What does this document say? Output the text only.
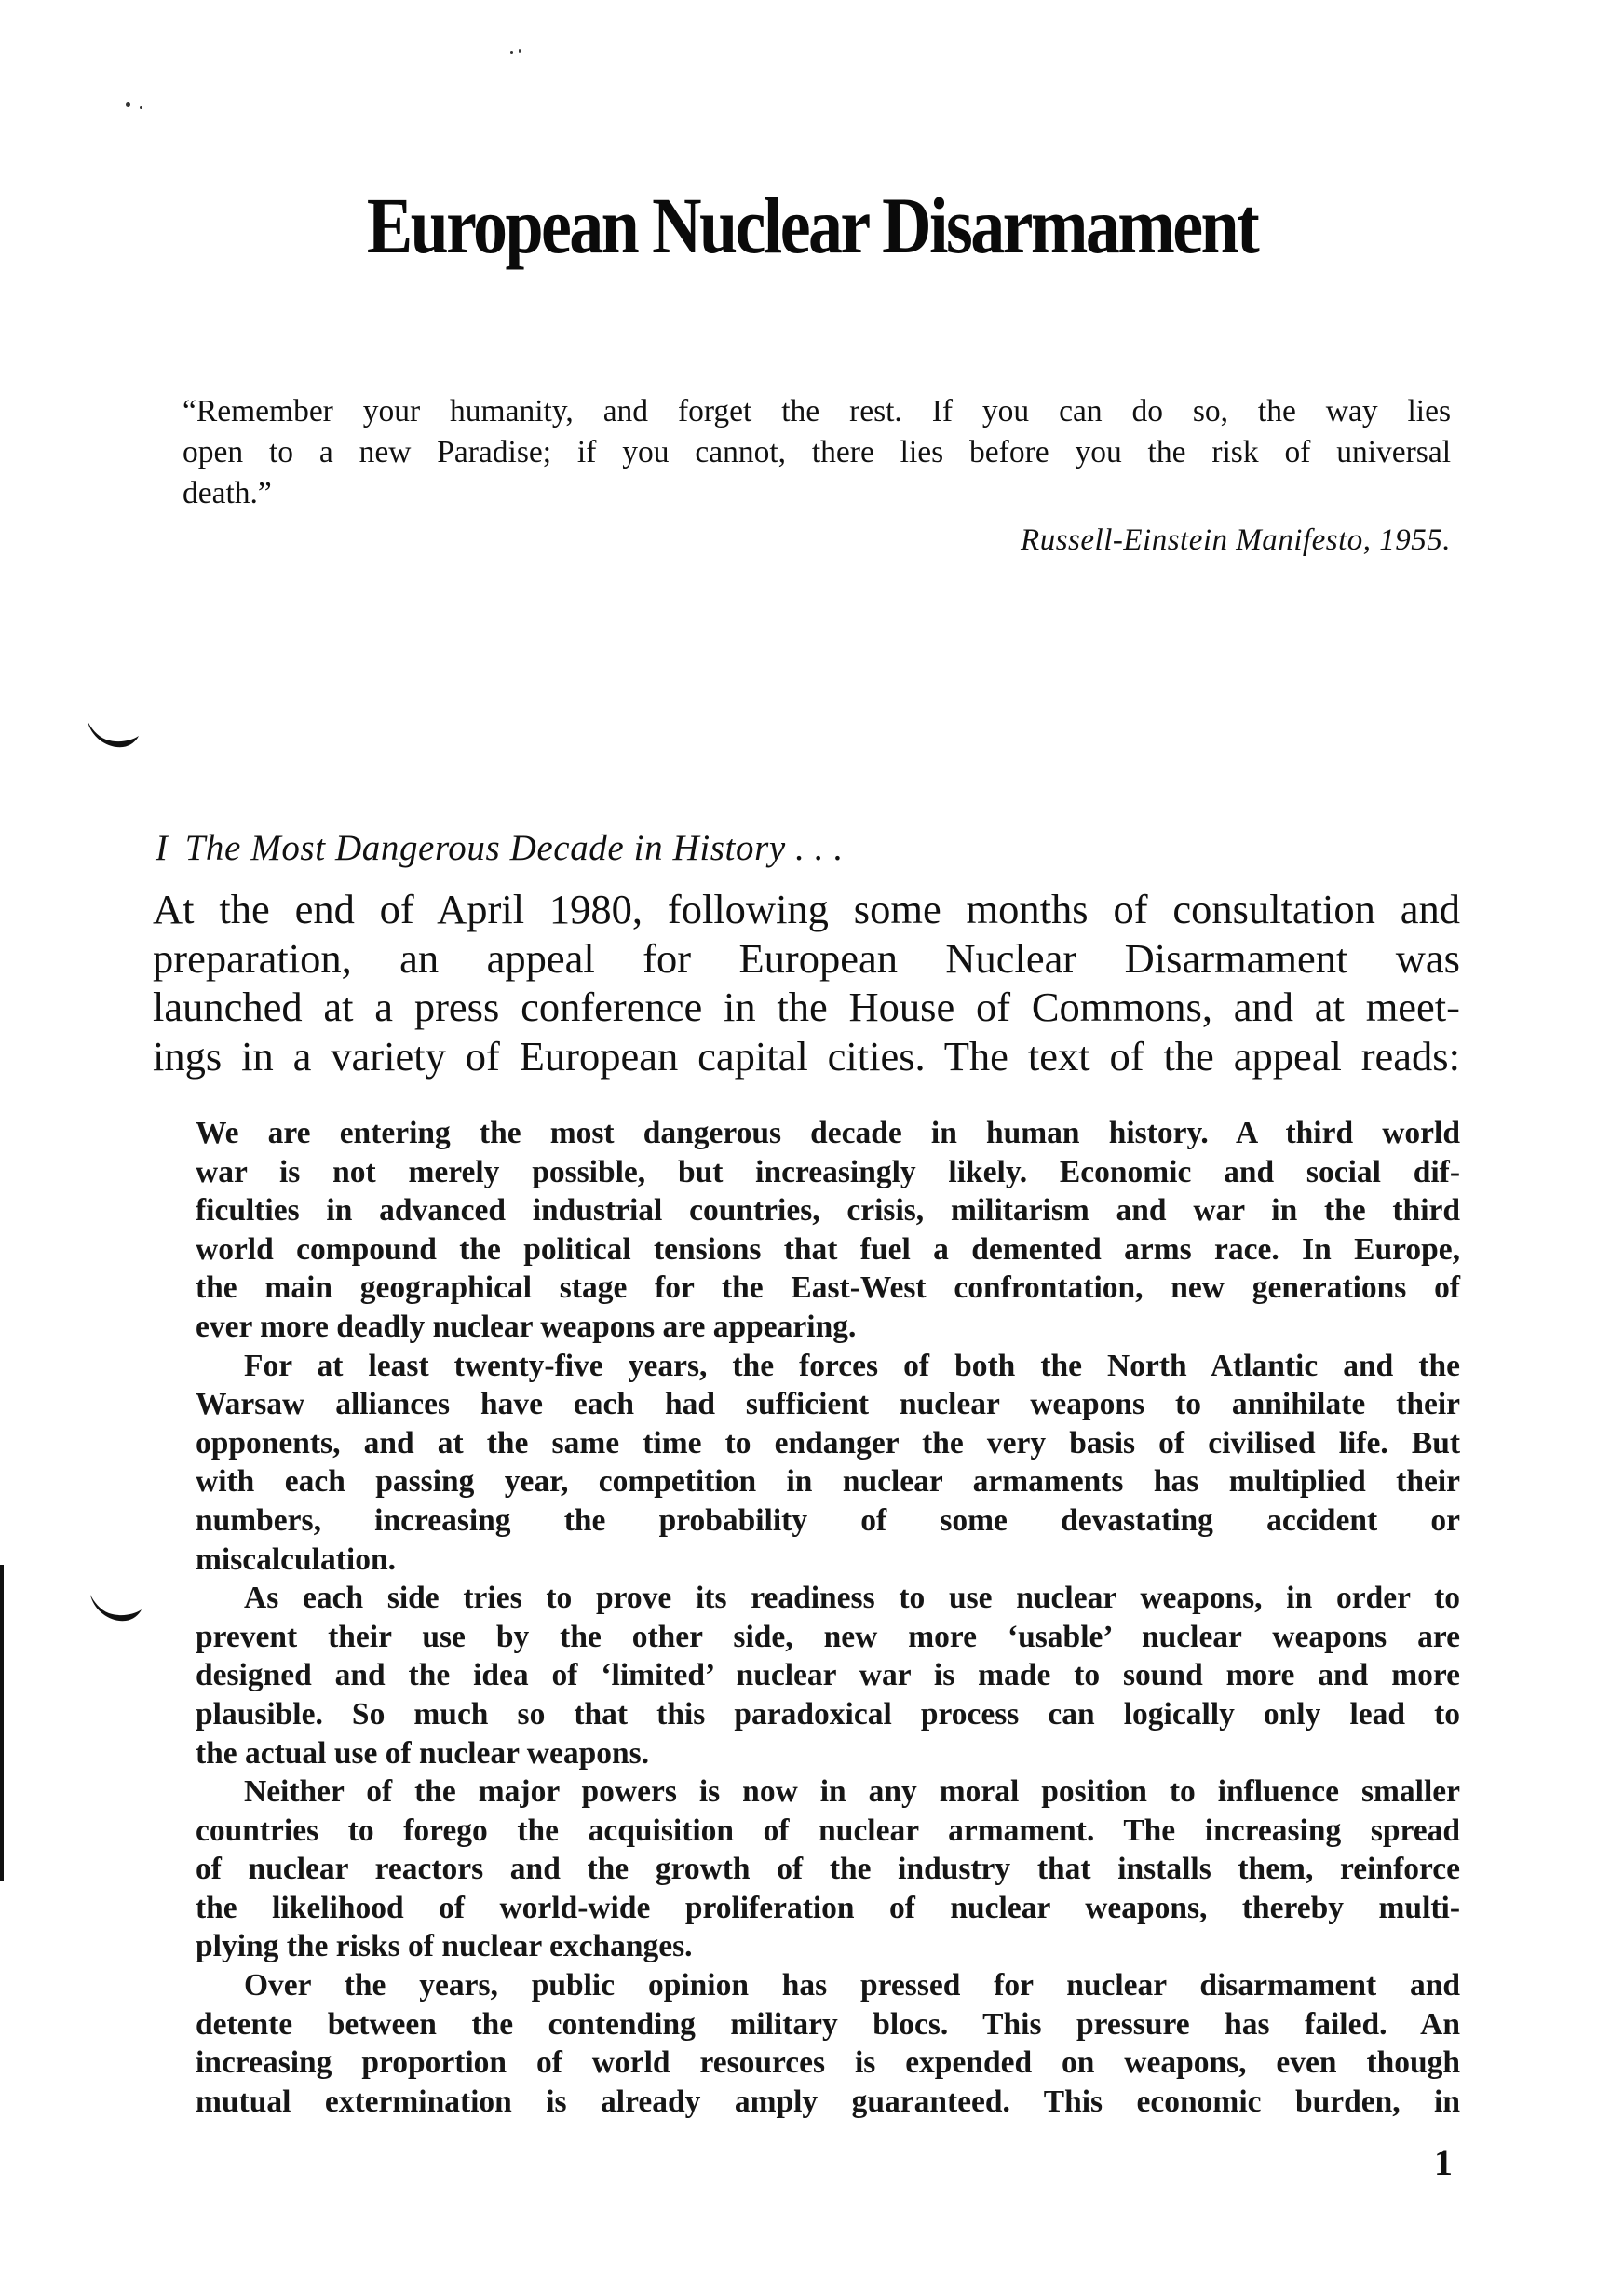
European Nuclear Disarmament
“Remember your humanity, and forget the rest. If you can do so, the way lies
open to a new Paradise; if you cannot, there lies before you the risk of universal
death.”
Russell-Einstein Manifesto, 1955.
I The Most Dangerous Decade in History . . .
At the end of April 1980, following some months of consultation and
preparation, an appeal for European Nuclear Disarmament was
launched at a press conference in the House of Commons, and at meet-
ings in a variety of European capital cities. The text of the appeal reads:
We are entering the most dangerous decade in human history. A third world
war is not merely possible, but increasingly likely. Economic and social dif-
ficulties in advanced industrial countries, crisis, militarism and war in the third
world compound the political tensions that fuel a demented arms race. In Europe,
the main geographical stage for the East-West confrontation, new generations of
ever more deadly nuclear weapons are appearing.
For at least twenty-five years, the forces of both the North Atlantic and the
Warsaw alliances have each had sufficient nuclear weapons to annihilate their
opponents, and at the same time to endanger the very basis of civilised life. But
with each passing year, competition in nuclear armaments has multiplied their
numbers, increasing the probability of some devastating accident or
miscalculation.
As each side tries to prove its readiness to use nuclear weapons, in order to
prevent their use by the other side, new more ‘usable’ nuclear weapons are
designed and the idea of ‘limited’ nuclear war is made to sound more and more
plausible. So much so that this paradoxical process can logically only lead to
the actual use of nuclear weapons.
Neither of the major powers is now in any moral position to influence smaller
countries to forego the acquisition of nuclear armament. The increasing spread
of nuclear reactors and the growth of the industry that installs them, reinforce
the likelihood of world-wide proliferation of nuclear weapons, thereby multi-
plying the risks of nuclear exchanges.
Over the years, public opinion has pressed for nuclear disarmament and
detente between the contending military blocs. This pressure has failed. An
increasing proportion of world resources is expended on weapons, even though
mutual extermination is already amply guaranteed. This economic burden, in
1
